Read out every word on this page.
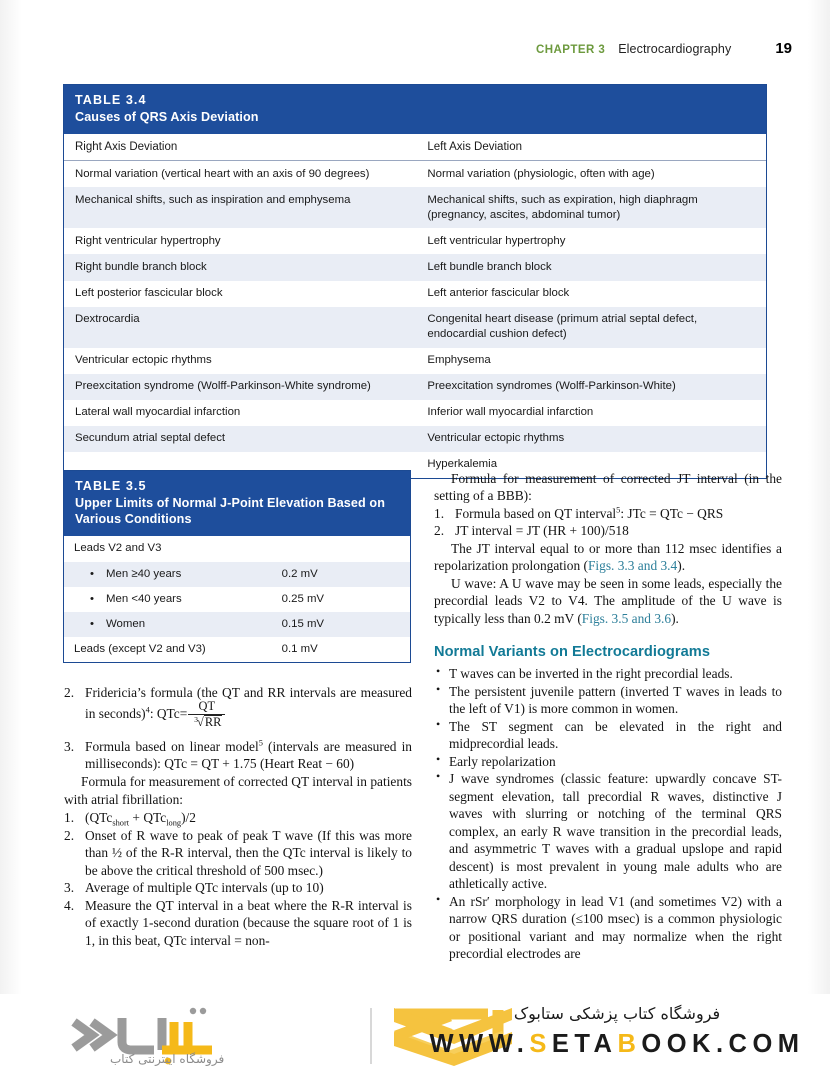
CHAPTER 3 Electrocardiography	19
TABLE 3.4
Causes of QRS Axis Deviation
Right Axis Deviation	Left Axis Deviation
Normal variation (vertical heart with an axis of 90 degrees)	Normal variation (physiologic, often with age)
Mechanical shifts, such as inspiration and emphysema	Mechanical shifts, such as expiration, high diaphragm (pregnancy, ascites, abdominal tumor)
Right ventricular hypertrophy	Left ventricular hypertrophy
Right bundle branch block	Left bundle branch block
Left posterior fascicular block	Left anterior fascicular block
Dextrocardia	Congenital heart disease (primum atrial septal defect, endocardial cushion defect)
Ventricular ectopic rhythms	Emphysema
Preexcitation syndrome (Wolff-Parkinson-White syndrome)	Preexcitation syndromes (Wolff-Parkinson-White)
Lateral wall myocardial infarction	Inferior wall myocardial infarction
Secundum atrial septal defect	Ventricular ectopic rhythms
	Hyperkalemia
TABLE 3.5
Upper Limits of Normal J-Point Elevation Based on Various Conditions
Leads V2 and V3	
• Men ≥40 years	0.2 mV
• Men <40 years	0.25 mV
• Women	0.15 mV
Leads (except V2 and V3)	0.1 mV
2. Fridericia’s formula (the QT and RR intervals are measured in seconds)$^4$: $QTc= \frac{QT}{^3√RR}$
3. Formula based on linear model$^5$ (intervals are measured in milliseconds): QTc = QT + 1.75 (Heart Reat − 60)

Formula for measurement of corrected QT interval in patients with atrial fibrillation:

1. (QTc$_{short}$ + QTc$_{long}$)/2
2. Onset of R wave to peak of peak T wave (If this was more than ½ of the R-R interval, then the QTc interval is likely to be above the critical threshold of 500 msec.)
3. Average of multiple QTc intervals (up to 10)
4. Measure the QT interval in a beat where the R-R interval is of exactly 1-second duration (because the square root of 1 is 1, in this beat, QTc interval = non-

Formula for measurement of corrected JT interval (in the setting of a BBB):

1. Formula based on QT interval$^5$: JTc = QTc − QRS
2. JT interval = JT (HR + 100)/518

The JT interval equal to or more than 112 msec identifies a repolarization prolongation (Figs. 3.3 and 3.4).

U wave: A U wave may be seen in some leads, especially the precordial leads V2 to V4. The amplitude of the U wave is typically less than 0.2 mV (Figs. 3.5 and 3.6).

Normal Variants on Electrocardiograms
• T waves can be inverted in the right precordial leads.
• The persistent juvenile pattern (inverted T waves in leads to the left of V1) is more common in women.
• The ST segment can be elevated in the right and midprecordial leads.
• Early repolarization
• J wave syndromes (classic feature: upwardly concave ST-segment elevation, tall precordial R waves, distinctive J waves with slurring or notching of the terminal QRS complex, an early R wave transition in the precordial leads, and asymmetric T waves with a gradual upslope and rapid descent) is most prevalent in young male adults who are athletically active.
• An rSr′ morphology in lead V1 (and sometimes V2) with a narrow QRS duration (≤100 msec) is a common physiologic or positional variant and may normalize when the right precordial electrodes are
فروشگاه اینترنتی کتاب
فروشگاه کتاب پزشکی ستابوک
WWW.SETABOOK.COM
